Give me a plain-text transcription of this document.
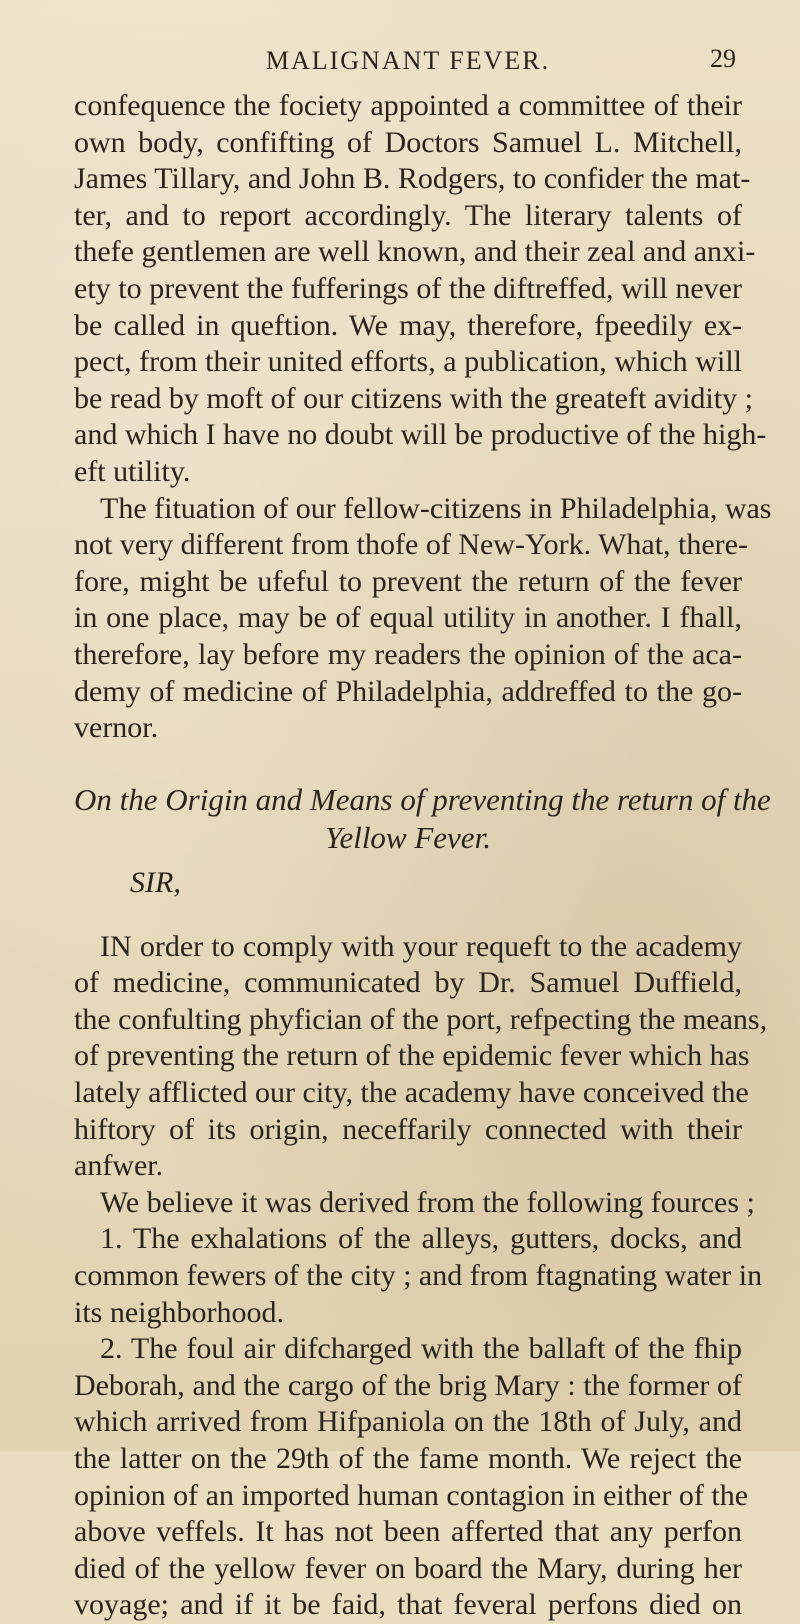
MALIGNANT FEVER.	29
confequence the fociety appointed a committee of their
own body, confifting of Doctors Samuel L. Mitchell,
James Tillary, and John B. Rodgers, to confider the mat-
ter, and to report accordingly. The literary talents of
thefe gentlemen are well known, and their zeal and anxi-
ety to prevent the fufferings of the diftreffed, will never
be called in queftion. We may, therefore, fpeedily ex-
pect, from their united efforts, a publication, which will
be read by moft of our citizens with the greateft avidity ;
and which I have no doubt will be productive of the high-
eft utility.
The fituation of our fellow-citizens in Philadelphia, was
not very different from thofe of New-York. What, there-
fore, might be ufeful to prevent the return of the fever
in one place, may be of equal utility in another. I fhall,
therefore, lay before my readers the opinion of the aca-
demy of medicine of Philadelphia, addreffed to the go-
vernor.
On the Origin and Means of preventing the return of the
Yellow Fever.
SIR,
IN order to comply with your requeft to the academy
of medicine, communicated by Dr. Samuel Duffield,
the confulting phyfician of the port, refpecting the means,
of preventing the return of the epidemic fever which has
lately afflicted our city, the academy have conceived the
hiftory of its origin, neceffarily connected with their
anfwer.
We believe it was derived from the following fources ;
1. The exhalations of the alleys, gutters, docks, and
common fewers of the city ; and from ftagnating water in
its neighborhood.
2. The foul air difcharged with the ballaft of the fhip
Deborah, and the cargo of the brig Mary : the former of
which arrived from Hifpaniola on the 18th of July, and
the latter on the 29th of the fame month. We reject the
opinion of an imported human contagion in either of the
above veffels. It has not been afferted that any perfon
died of the yellow fever on board the Mary, during her
voyage; and if it be faid, that feveral perfons died on
